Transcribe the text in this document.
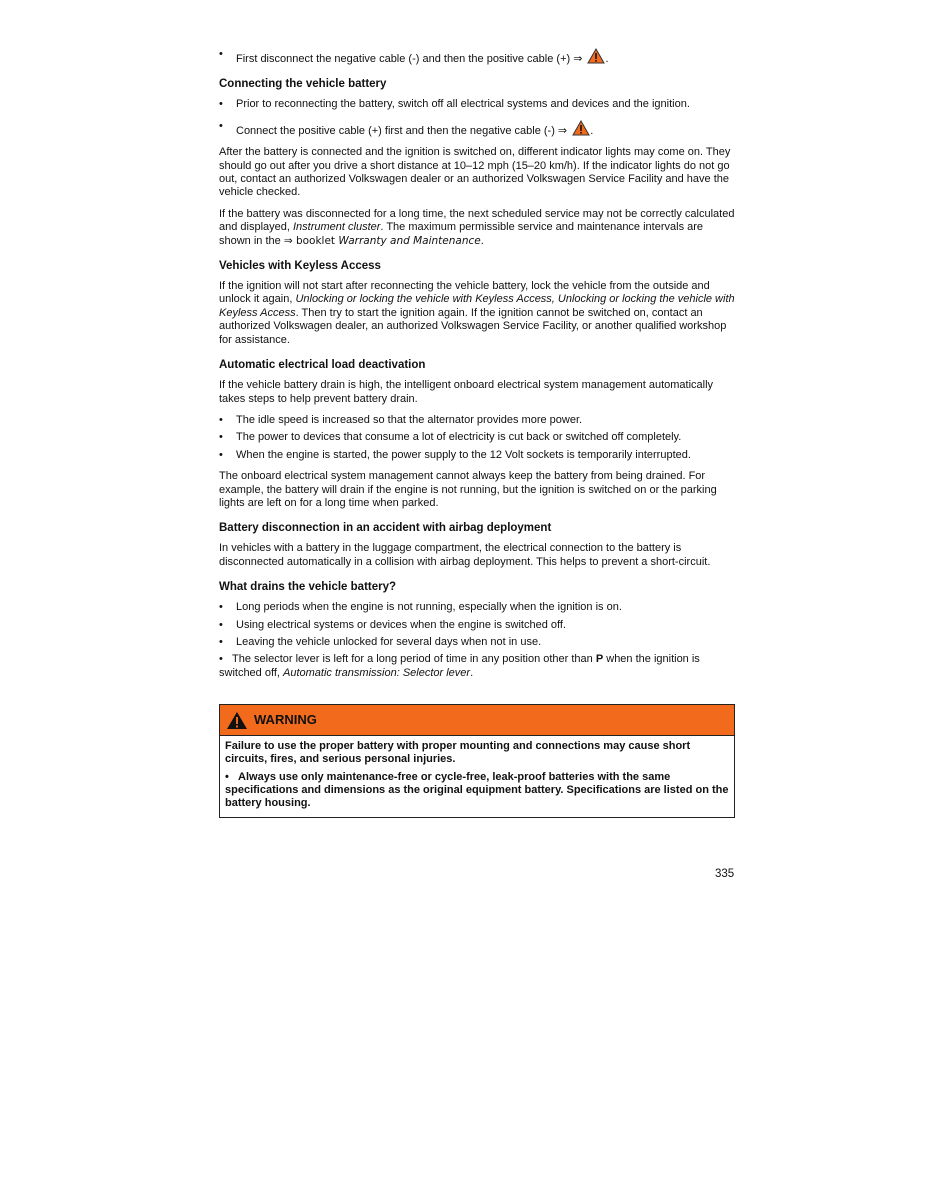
• First disconnect the negative cable (-) and then the positive cable (+) ⇒ .
Connecting the vehicle battery
• Prior to reconnecting the battery, switch off all electrical systems and devices and the ignition.
• Connect the positive cable (+) first and then the negative cable (-) ⇒ .

After the battery is connected and the ignition is switched on, different indicator lights may come on. They should go out after you drive a short distance at 10–12 mph (15–20 km/h). If the indicator lights do not go out, contact an authorized Volkswagen dealer or an authorized Volkswagen Service Facility and have the vehicle checked.

If the battery was disconnected for a long time, the next scheduled service may not be correctly calculated and displayed, Instrument cluster. The maximum permissible service and maintenance intervals are shown in the ⇒ booklet Warranty and Maintenance.

Vehicles with Keyless Access

If the ignition will not start after reconnecting the vehicle battery, lock the vehicle from the outside and unlock it again, Unlocking or locking the vehicle with Keyless Access, Unlocking or locking the vehicle with Keyless Access. Then try to start the ignition again. If the ignition cannot be switched on, contact an authorized Volkswagen dealer, an authorized Volkswagen Service Facility, or another qualified workshop for assistance.

Automatic electrical load deactivation

If the vehicle battery drain is high, the intelligent onboard electrical system management automatically takes steps to help prevent battery drain.

• The idle speed is increased so that the alternator provides more power.
• The power to devices that consume a lot of electricity is cut back or switched off completely.
• When the engine is started, the power supply to the 12 Volt sockets is temporarily interrupted.

The onboard electrical system management cannot always keep the battery from being drained. For example, the battery will drain if the engine is not running, but the ignition is switched on or the parking lights are left on for a long time when parked.

Battery disconnection in an accident with airbag deployment

In vehicles with a battery in the luggage compartment, the electrical connection to the battery is disconnected automatically in a collision with airbag deployment. This helps to prevent a short-circuit.

What drains the vehicle battery?
• Long periods when the engine is not running, especially when the ignition is on.
• Using electrical systems or devices when the engine is switched off.
• Leaving the vehicle unlocked for several days when not in use.

•   The selector lever is left for a long period of time in any position other than P when the ignition is switched off, Automatic transmission: Selector lever.

WARNING

Failure to use the proper battery with proper mounting and connections may cause short circuits, fires, and serious personal injuries.

•   Always use only maintenance-free or cycle-free, leak-proof batteries with the same specifications and dimensions as the original equipment battery. Specifications are listed on the battery housing.

335
